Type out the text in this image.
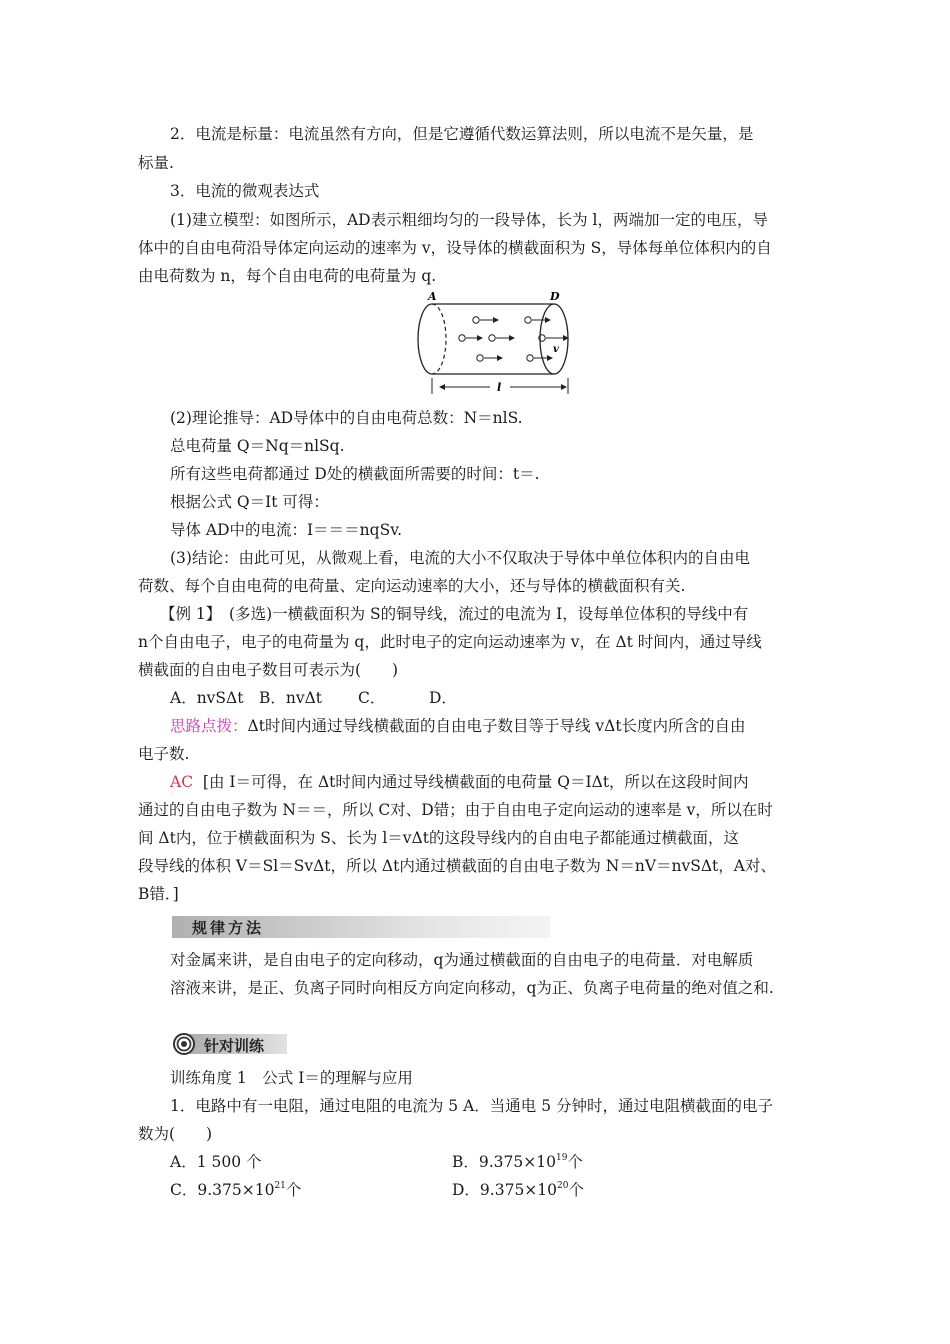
2．电流是标量：电流虽然有方向，但是它遵循代数运算法则，所以电流不是矢量，是
标量.
3．电流的微观表达式
(1)建立模型：如图所示，AD表示粗细均匀的一段导体，长为 l，两端加一定的电压，导
体中的自由电荷沿导体定向运动的速率为 v，设导体的横截面积为 S，导体每单位体积内的自
由电荷数为 n，每个自由电荷的电荷量为 q.
A	D
v
l
(2)理论推导：AD导体中的自由电荷总数：N＝nlS.
总电荷量 Q＝Nq＝nlSq.
所有这些电荷都通过 D处的横截面所需要的时间：t＝.
根据公式 Q＝It 可得：
导体 AD中的电流：I＝＝＝nqSv.
(3)结论：由此可见，从微观上看，电流的大小不仅取决于导体中单位体积内的自由电
荷数、每个自由电荷的电荷量、定向运动速率的大小，还与导体的横截面积有关.
【例 1】　(多选)一横截面积为 S的铜导线，流过的电流为 I，设每单位体积的导线中有
n个自由电子，电子的电荷量为 q，此时电子的定向运动速率为 v，在 Δt 时间内，通过导线
横截面的自由电子数目可表示为(　　)
A．nvSΔt　B．nvΔt　　 C．　　　 D．
思路点拨：Δt时间内通过导线横截面的自由电子数目等于导线 vΔt长度内所含的自由
电子数.
AC [由 I＝可得，在 Δt时间内通过导线横截面的电荷量 Q＝IΔt，所以在这段时间内
通过的自由电子数为 N＝＝，所以 C对、D错；由于自由电子定向运动的速率是 v，所以在时
间 Δt内，位于横截面积为 S、长为 l＝vΔt的这段导线内的自由电子都能通过横截面，这
段导线的体积 V＝Sl＝SvΔt，所以 Δt内通过横截面的自由电子数为 N＝nV＝nvSΔt，A对、
B错．]
规律方法
对金属来讲，是自由电子的定向移动，q为通过横截面的自由电子的电荷量．对电解质
溶液来讲，是正、负离子同时向相反方向定向移动，q为正、负离子电荷量的绝对值之和.
针对训练
训练角度 1　公式 I＝的理解与应用
1．电路中有一电阻，通过电阻的电流为 5 A．当通电 5 分钟时，通过电阻横截面的电子
数为(　　)
A．1 500 个	B．$9.375\times 10^{19}$个
C．$9.375\times 10^{21}$个	D．$9.375\times 10^{20}$个
